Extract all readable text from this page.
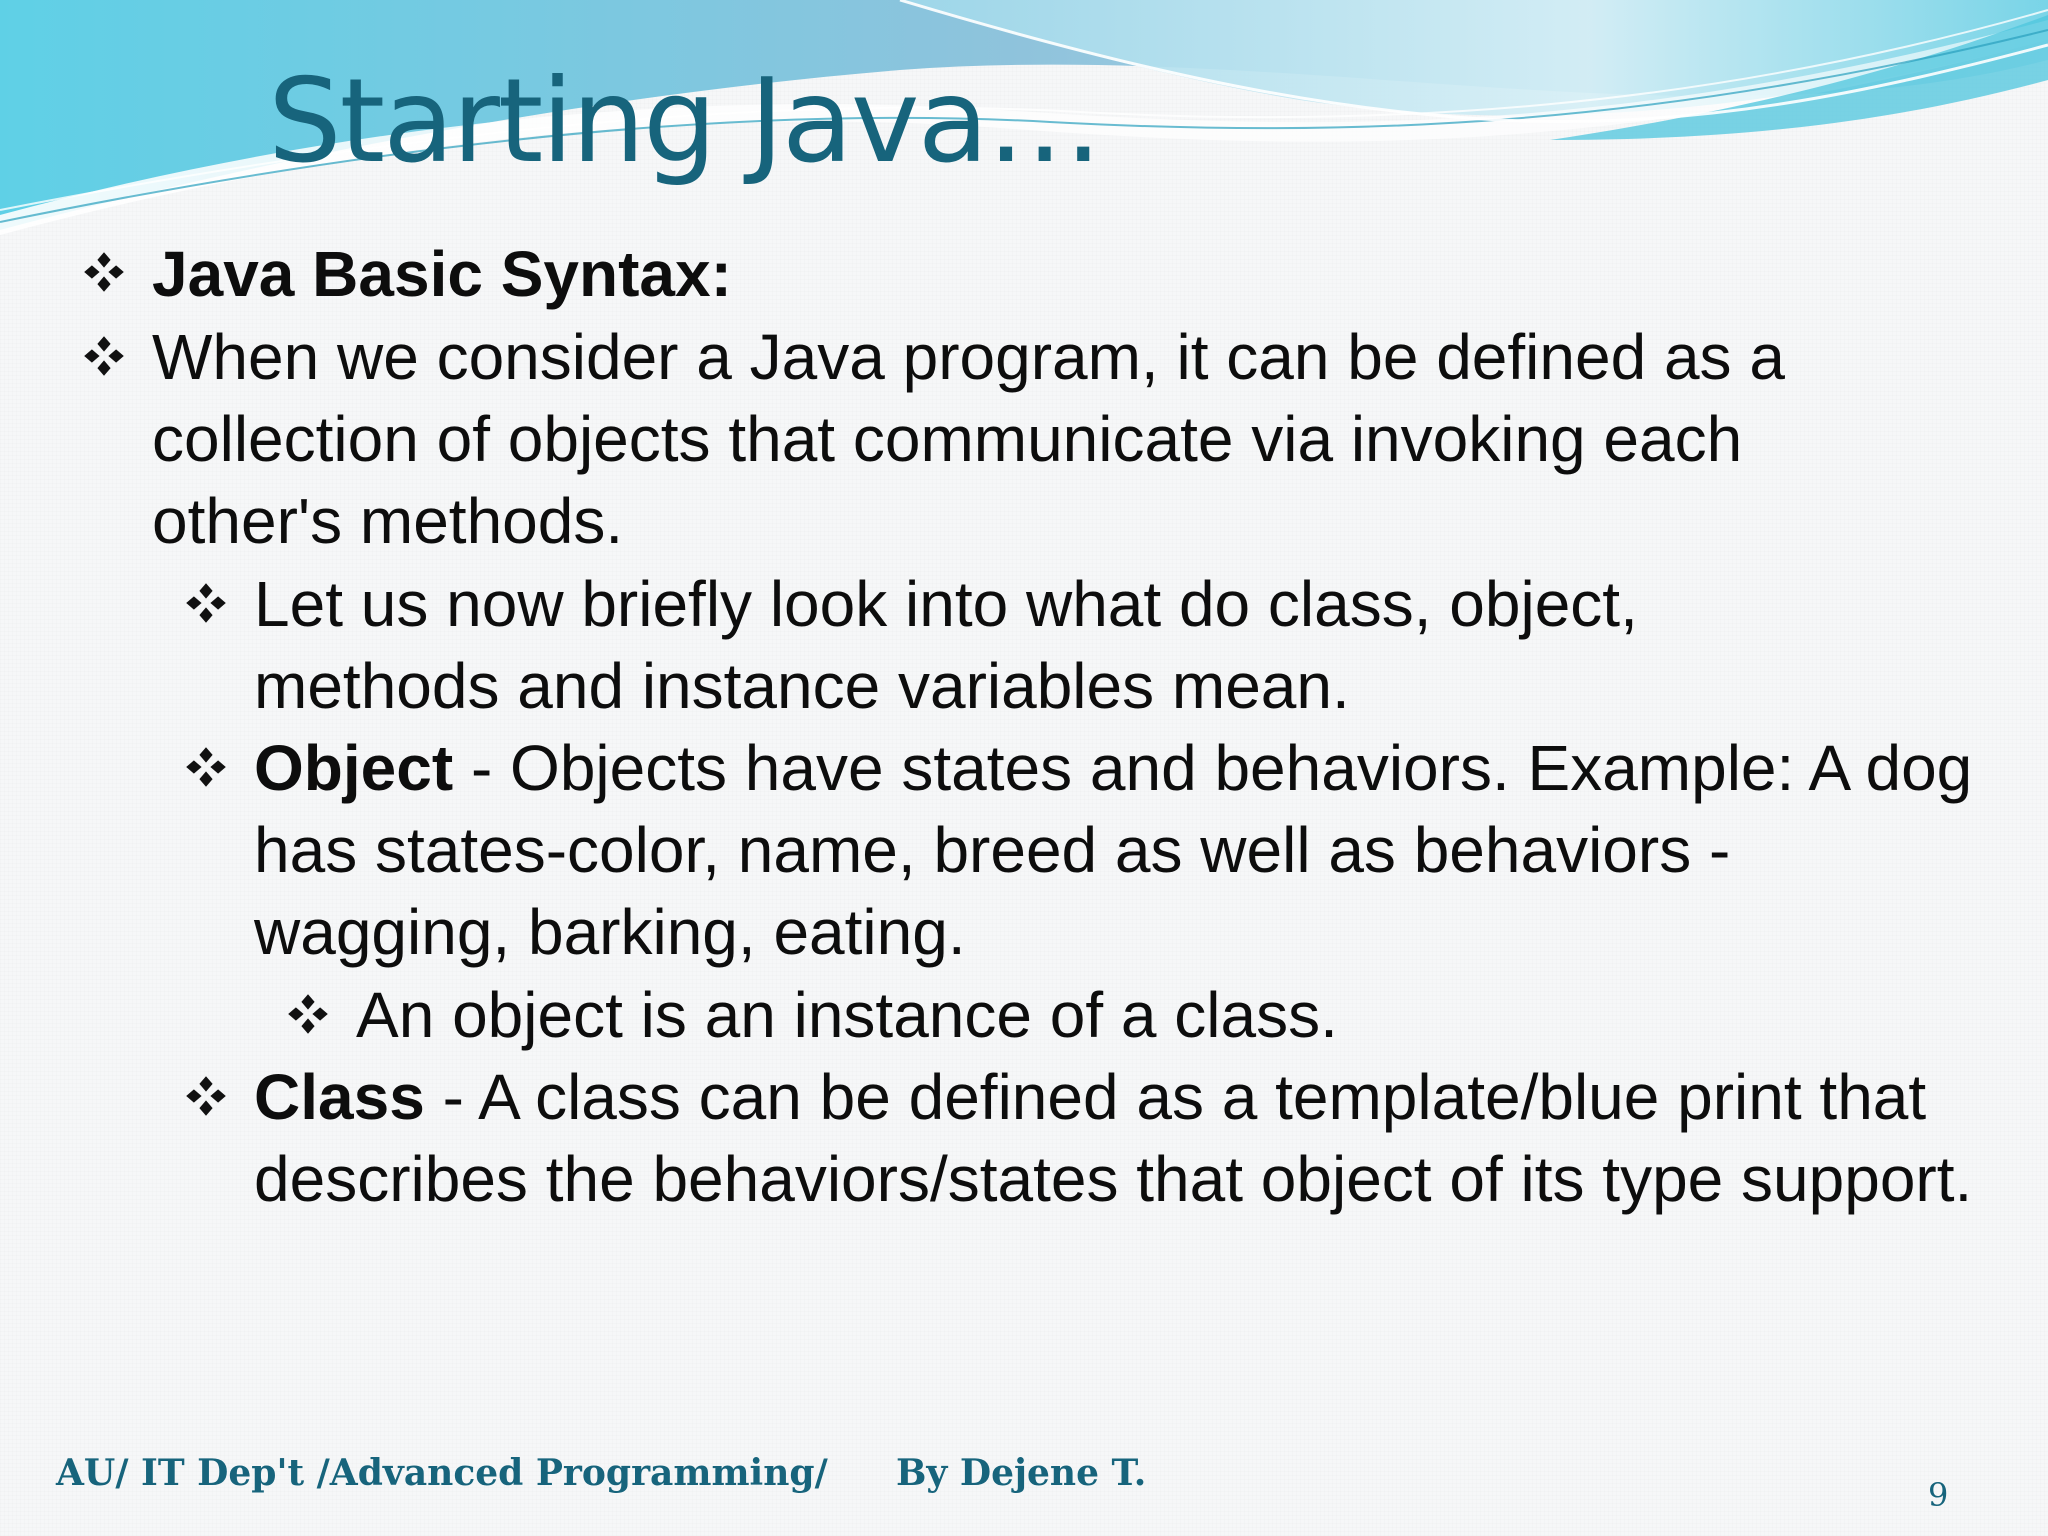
Starting Java…
Java Basic Syntax:
When we consider a Java program, it can be defined as a collection of objects that communicate via invoking each other's methods.
Let us now briefly look into what do class, object, methods and instance variables mean.
Object - Objects have states and behaviors. Example: A dog has states-color, name, breed as well as behaviors -wagging, barking, eating.
An object is an instance of a class.
Class - A class can be defined as a template/blue print that describes the behaviors/states that object of its type support.
AU/ IT Dep't /Advanced Programming/ By Dejene T.
9
